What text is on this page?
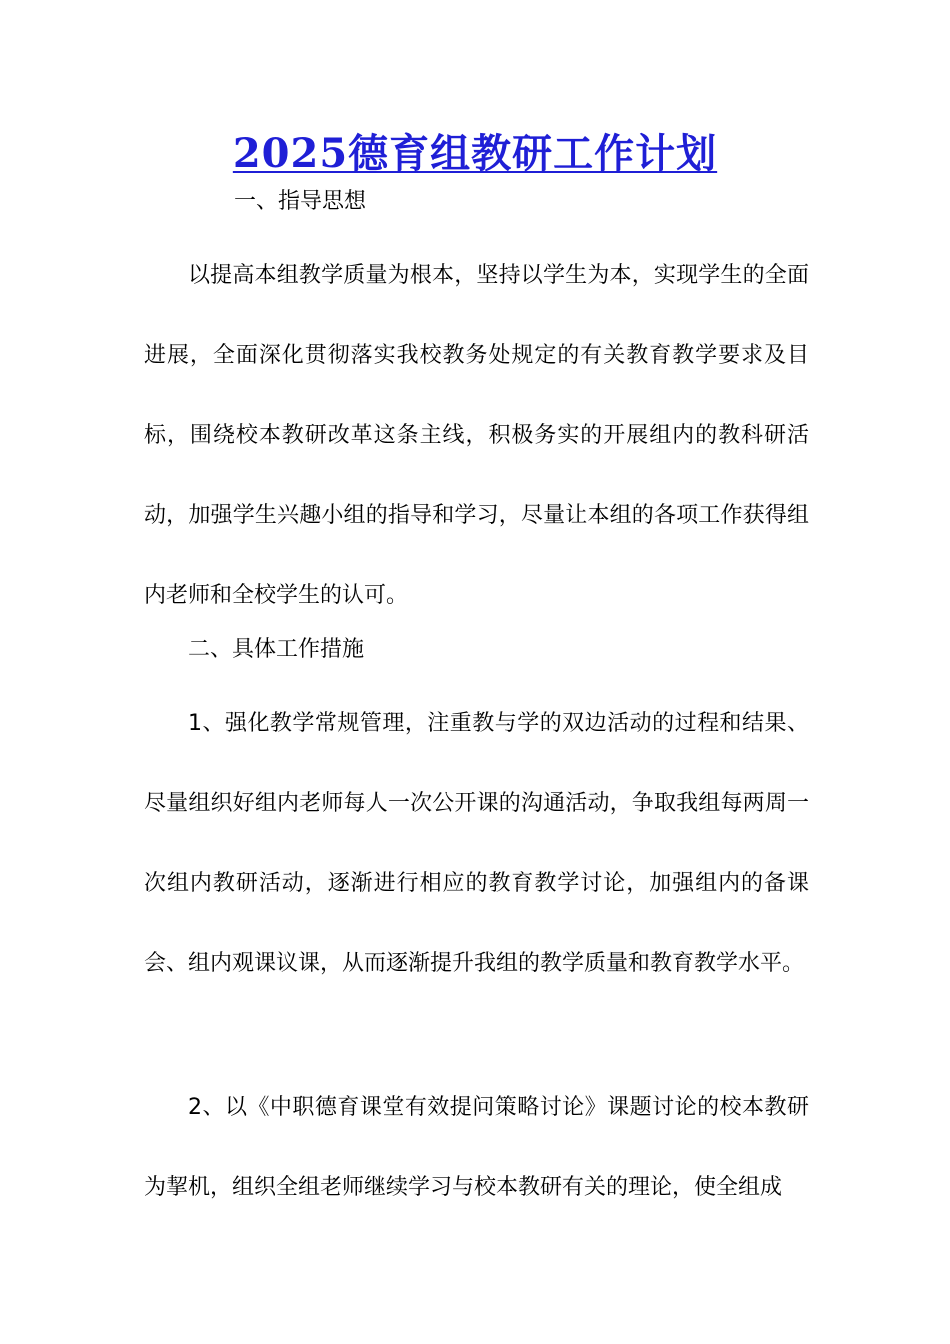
2025德育组教研工作计划
一、指导思想

以提高本组教学质量为根本，坚持以学生为本，实现学生的全面进展，全面深化贯彻落实我校教务处规定的有关教育教学要求及目标，围绕校本教研改革这条主线，积极务实的开展组内的教科研活动，加强学生兴趣小组的指导和学习，尽量让本组的各项工作获得组内老师和全校学生的认可。

二、具体工作措施

1、强化教学常规管理，注重教与学的双边活动的过程和结果、尽量组织好组内老师每人一次公开课的沟通活动，争取我组每两周一次组内教研活动，逐渐进行相应的教育教学讨论，加强组内的备课会、组内观课议课，从而逐渐提升我组的教学质量和教育教学水平。

2、以《中职德育课堂有效提问策略讨论》课题讨论的校本教研为挈机，组织全组老师继续学习与校本教研有关的理论，使全组成
